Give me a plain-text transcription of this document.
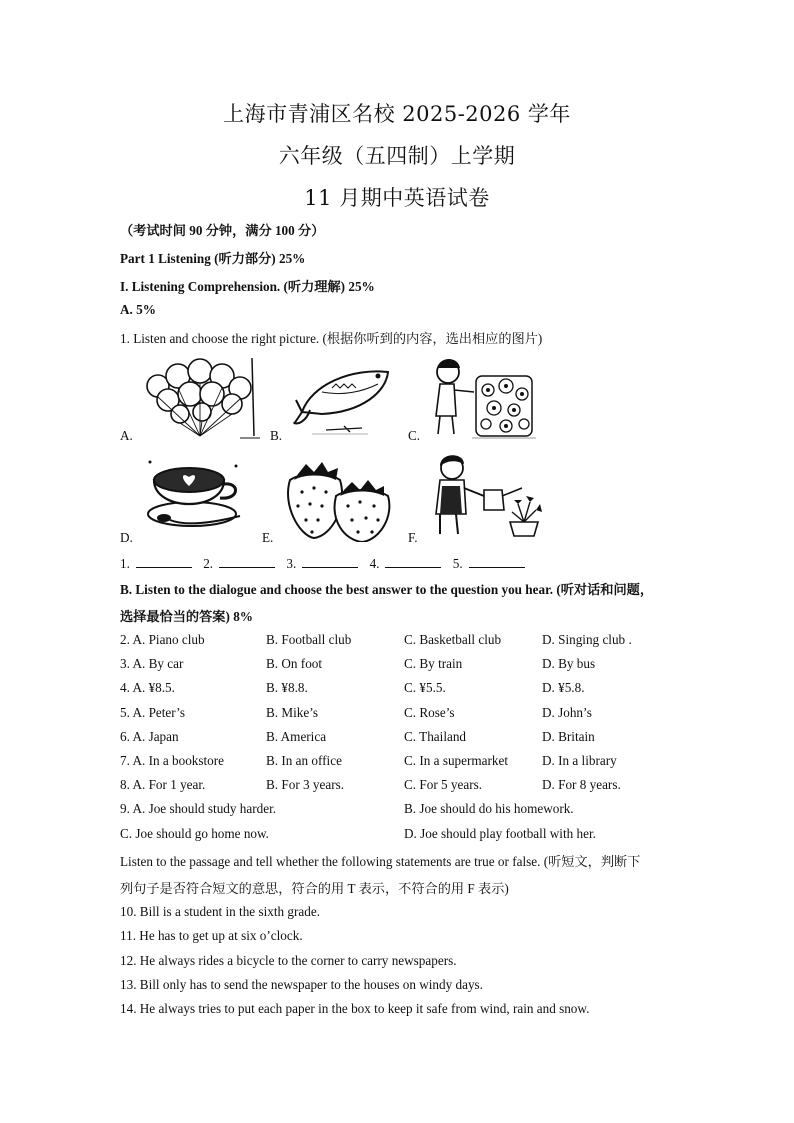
上海市青浦区名校 2025-2026 学年
六年级（五四制）上学期
11 月期中英语试卷
（考试时间 90 分钟，满分 100 分）
Part 1 Listening (听力部分) 25%
I. Listening Comprehension. (听力理解) 25%
A. 5%
1. Listen and choose the right picture. (根据你听到的内容，选出相应的图片)
A.	B.	C.
D.	E.	F.
1.	2.	3.	4.	5.
B. Listen to the dialogue and choose the best answer to the question you hear. (听对话和问题，
选择最恰当的答案) 8%
2. A. Piano club	B. Football club	C. Basketball club	D. Singing club .
3. A. By car	B. On foot	C. By train	D. By bus
4. A. ¥8.5.	B. ¥8.8.	C. ¥5.5.	D. ¥5.8.
5. A. Peter’s	B. Mike’s	C. Rose’s	D. John’s
6. A. Japan	B. America	C. Thailand	D. Britain
7. A. In a bookstore	B. In an office	C. In a supermarket	D. In a library
8. A. For 1 year.	B. For 3 years.	C. For 5 years.	D. For 8 years.
9. A. Joe should study harder.	B. Joe should do his homework.
C. Joe should go home now.	D. Joe should play football with her.
Listen to the passage and tell whether the following statements are true or false. (听短文，判断下
列句子是否符合短文的意思，符合的用 T 表示，不符合的用 F 表示)
10. Bill is a student in the sixth grade.
11. He has to get up at six o’clock.
12. He always rides a bicycle to the corner to carry newspapers.
13. Bill only has to send the newspaper to the houses on windy days.
14. He always tries to put each paper in the box to keep it safe from wind, rain and snow.
